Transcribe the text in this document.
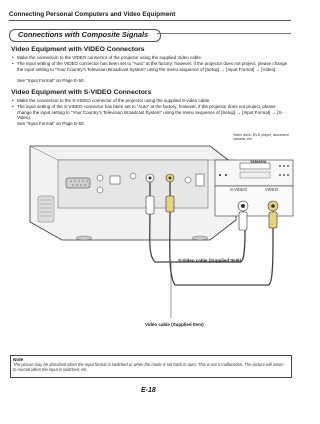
Connecting Personal Computers and Video Equipment
Connections with Composite Signals
Video Equipment with VIDEO Connectors
• Make the connection to the VIDEO connector of the projector using the supplied Video cable.
• The input setting of the VIDEO connector has been set to “Auto” at the factory; however, if the projector does not project, please change the input setting to “Your Country’s Television Broadcast System” using the menu sequence of [Setup] → [Input Format] → [Video].
See “Input Format” on Page E-50.
Video Equipment with S-VIDEO Connectors
• Make the connection to the S-VIDEO connector of the projector using the supplied S-video cable.
• The input setting of the S-VIDEO connector has been set to “Auto” at the factory; however, if the projector does not project, please change the input setting to “Your Country’s Television Broadcast System” using the menu sequence of [Setup] → [Input Format] → [S-Video].
See “Input Format” on Page E-50.
Video deck, DVD player, document camera, etc.
YAMAHA
S-VIDEO	VIDEO
S-Video cable (Supplied Item)
Video cable (Supplied Item)
Note
The picture may be disturbed when the input format is switched or when the mode is set back to auto. This is not a malfunction. The picture will return to normal when the input is switched, etc.
E-18
